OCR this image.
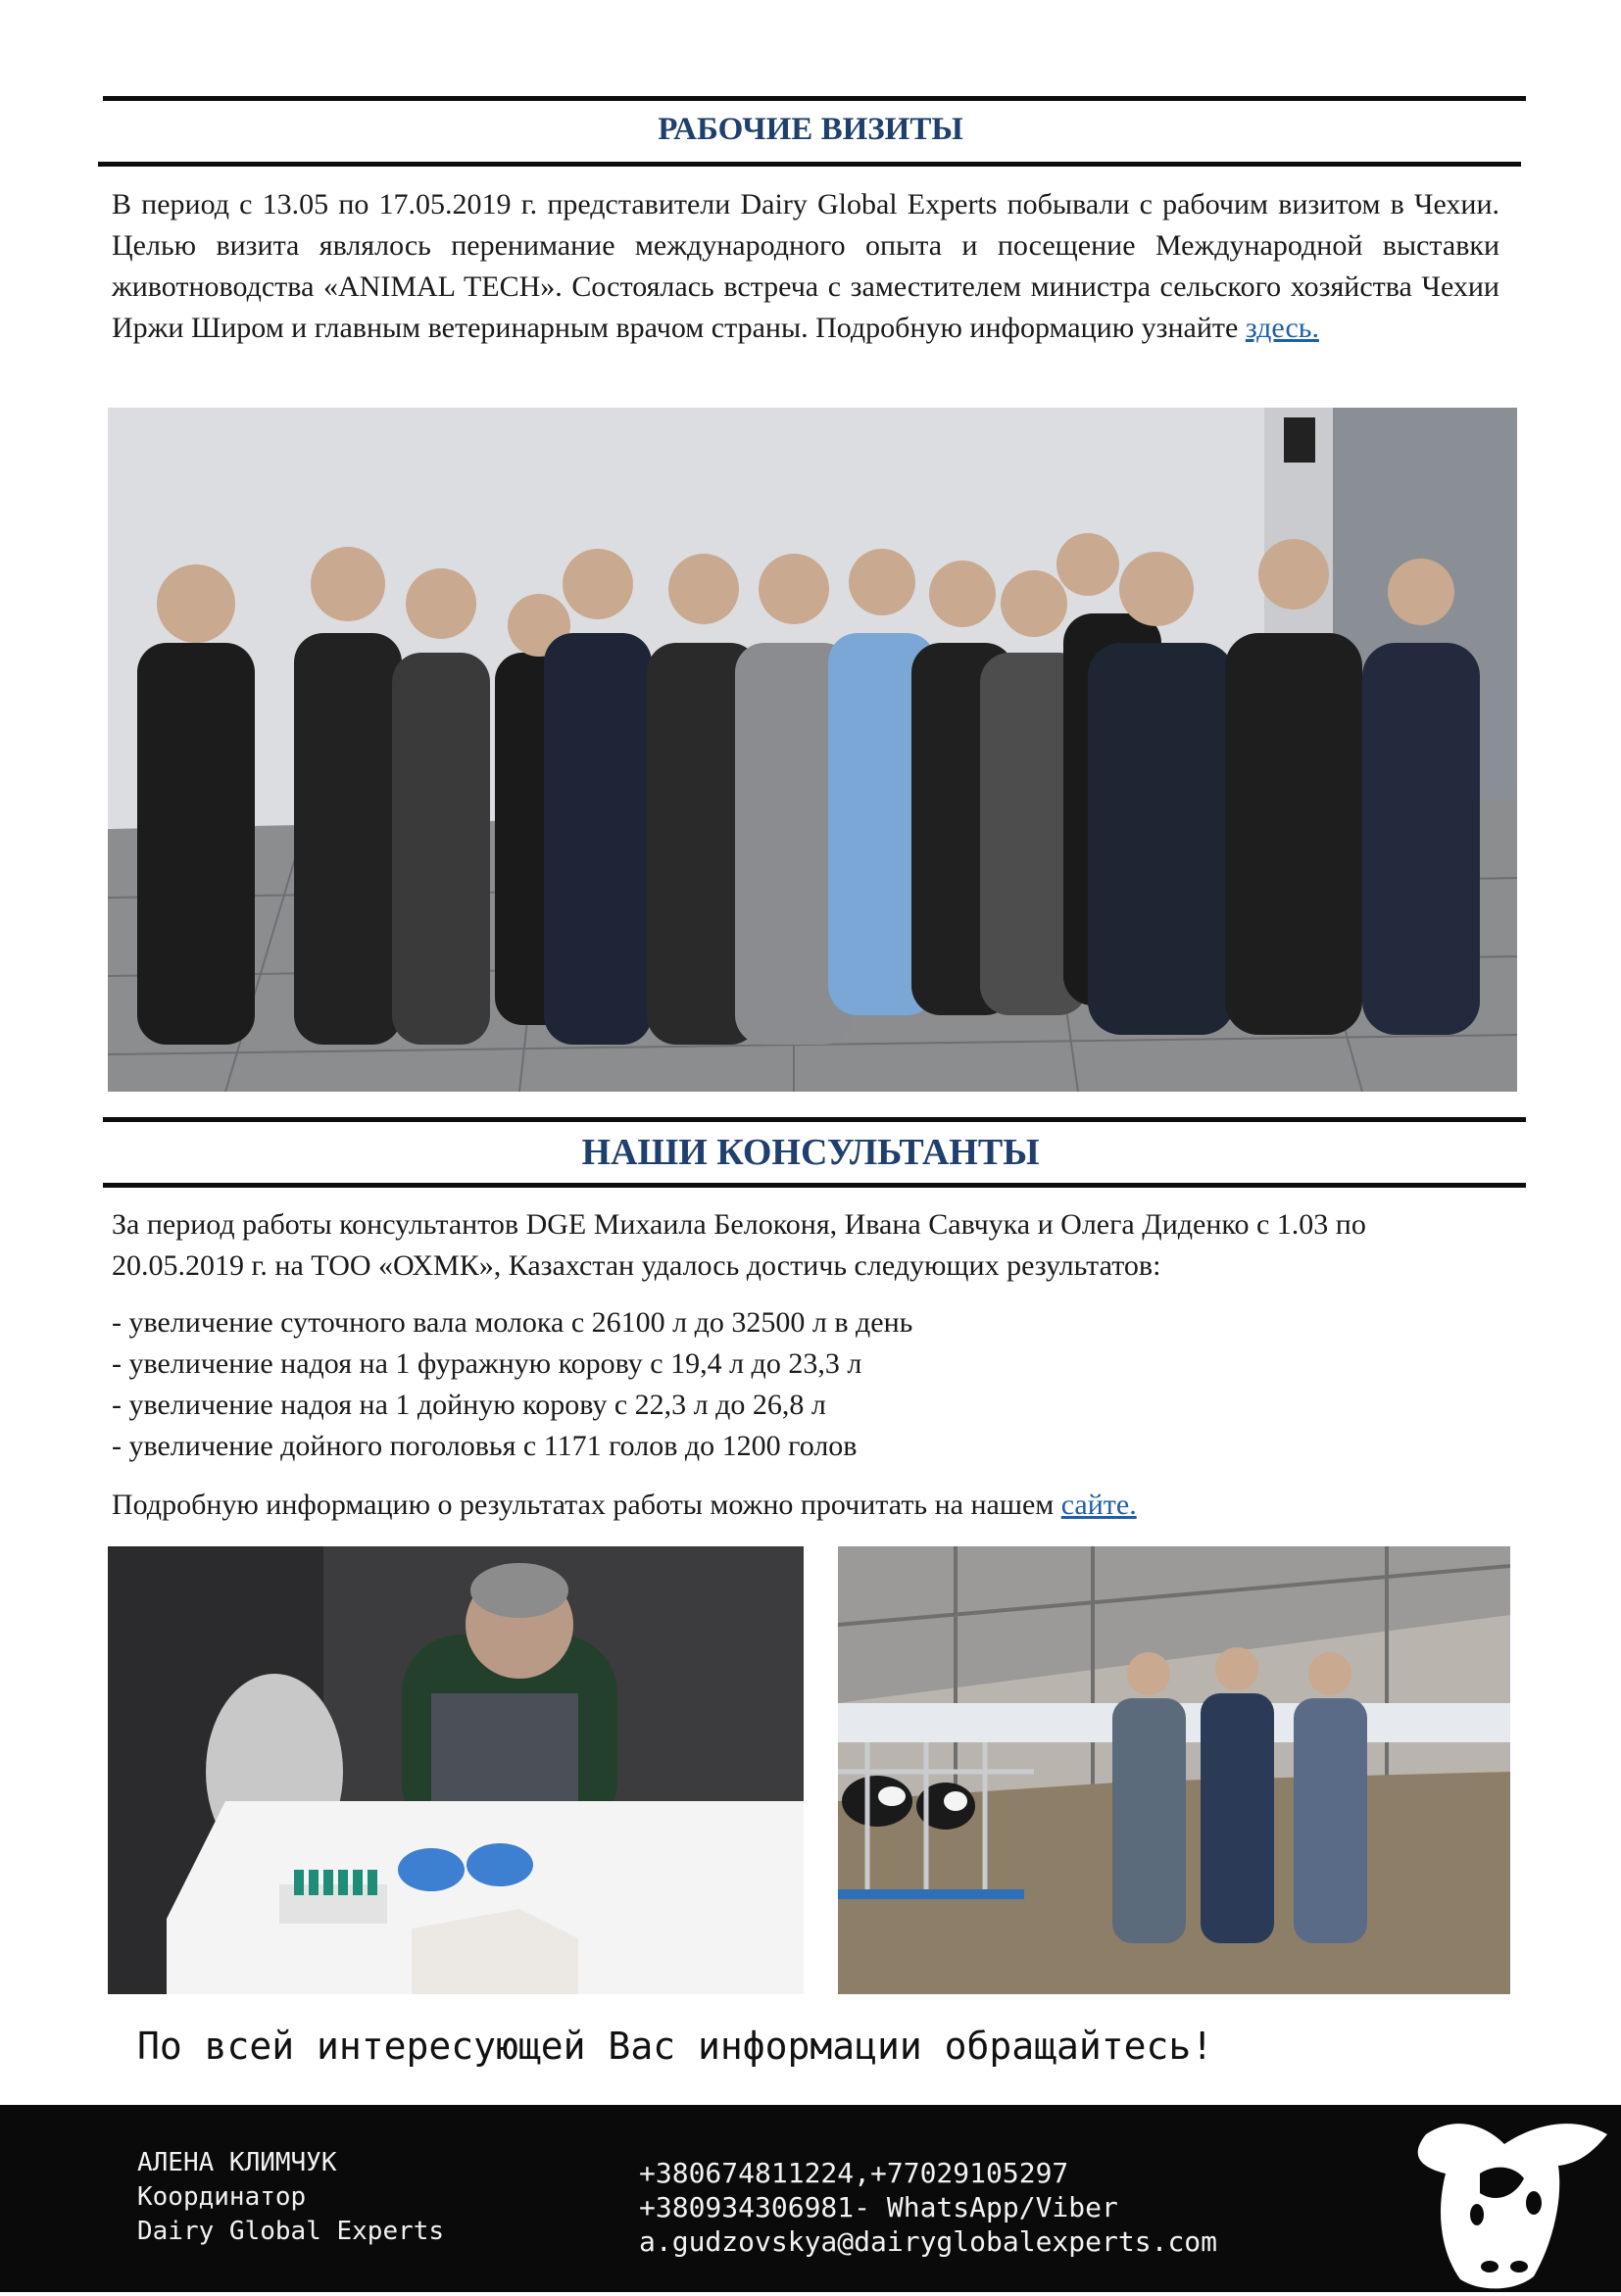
РАБОЧИЕ ВИЗИТЫ

В период с 13.05 по 17.05.2019 г. представители Dairy Global Experts побывали с рабочим визитом в Чехии. Целью визита являлось перенимание международного опыта и посещение Международной выставки животноводства «ANIMAL TECH». Состоялась встреча с заместителем министра сельского хозяйства Чехии Иржи Широм и главным ветеринарным врачом страны. Подробную информацию узнайте здесь.

НАШИ КОНСУЛЬТАНТЫ

За период работы консультантов DGE Михаила Белоконя, Ивана Савчука и Олега Диденко с 1.03 по 20.05.2019 г. на ТОО «ОХМК», Казахстан удалось достичь следующих результатов:

- увеличение суточного вала молока с 26100 л до 32500 л в день
- увеличение надоя на 1 фуражную корову с 19,4 л до 23,3 л
- увеличение надоя на 1 дойную корову с 22,3 л до 26,8 л
- увеличение дойного поголовья с 1171 голов до 1200 голов

Подробную информацию о результатах работы можно прочитать на нашем сайте.

По всей интересующей Вас информации обращайтесь!
АЛЕНА КЛИМЧУК
Координатор
Dairy Global Experts
+380674811224,+77029105297
+380934306981- WhatsApp/Viber
a.gudzovskya@dairyglobalexperts.com
